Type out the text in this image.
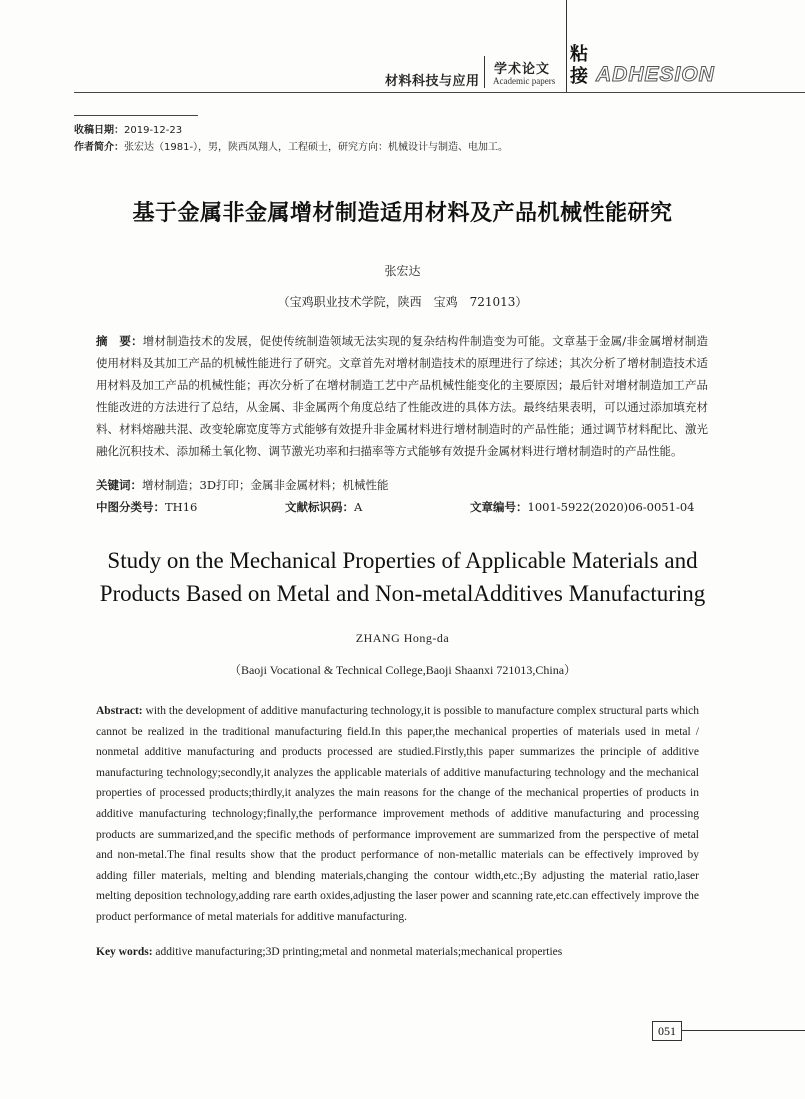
材料科技与应用
学术论文
Academic papers
粘接 ADHESION
收稿日期：2019-12-23
作者简介：张宏达（1981-），男，陕西凤翔人，工程硕士，研究方向：机械设计与制造、电加工。
基于金属非金属增材制造适用材料及产品机械性能研究
张宏达
（宝鸡职业技术学院，陕西　宝鸡　721013）
摘　要：增材制造技术的发展，促使传统制造领域无法实现的复杂结构件制造变为可能。文章基于金属/非金属增材制造使用材料及其加工产品的机械性能进行了研究。文章首先对增材制造技术的原理进行了综述；其次分析了增材制造技术适用材料及加工产品的机械性能；再次分析了在增材制造工艺中产品机械性能变化的主要原因；最后针对增材制造加工产品性能改进的方法进行了总结，从金属、非金属两个角度总结了性能改进的具体方法。最终结果表明，可以通过添加填充材料、材料熔融共混、改变轮廓宽度等方式能够有效提升非金属材料进行增材制造时的产品性能；通过调节材料配比、激光融化沉积技术、添加稀土氧化物、调节激光功率和扫描率等方式能够有效提升金属材料进行增材制造时的产品性能。
关键词：增材制造；3D打印；金属非金属材料；机械性能
中图分类号：TH16	文献标识码：A	文章编号：1001-5922(2020)06-0051-04
Study on the Mechanical Properties of Applicable Materials and
Products Based on Metal and Non-metalAdditives Manufacturing
ZHANG Hong-da
（Baoji Vocational & Technical College,Baoji Shaanxi 721013,China）
Abstract: with the development of additive manufacturing technology,it is possible to manufacture complex structural parts which cannot be realized in the traditional manufacturing field.In this paper,the mechanical properties of materials used in metal / nonmetal additive manufacturing and products processed are studied.Firstly,this paper summarizes the principle of additive manufacturing technology;secondly,it analyzes the applicable materials of additive manufacturing technology and the mechanical properties of processed products;thirdly,it analyzes the main reasons for the change of the mechanical properties of products in additive manufacturing technology;finally,the performance improvement methods of additive manufacturing and processing products are summarized,and the specific methods of performance improvement are summarized from the perspective of metal and non-metal.The final results show that the product performance of non-metallic materials can be effectively improved by adding filler materials, melting and blending materials,changing the contour width,etc.;By adjusting the material ratio,laser melting deposition technology,adding rare earth oxides,adjusting the laser power and scanning rate,etc.can effectively improve the product performance of metal materials for additive manufacturing.
Key words: additive manufacturing;3D printing;metal and nonmetal materials;mechanical properties
051
